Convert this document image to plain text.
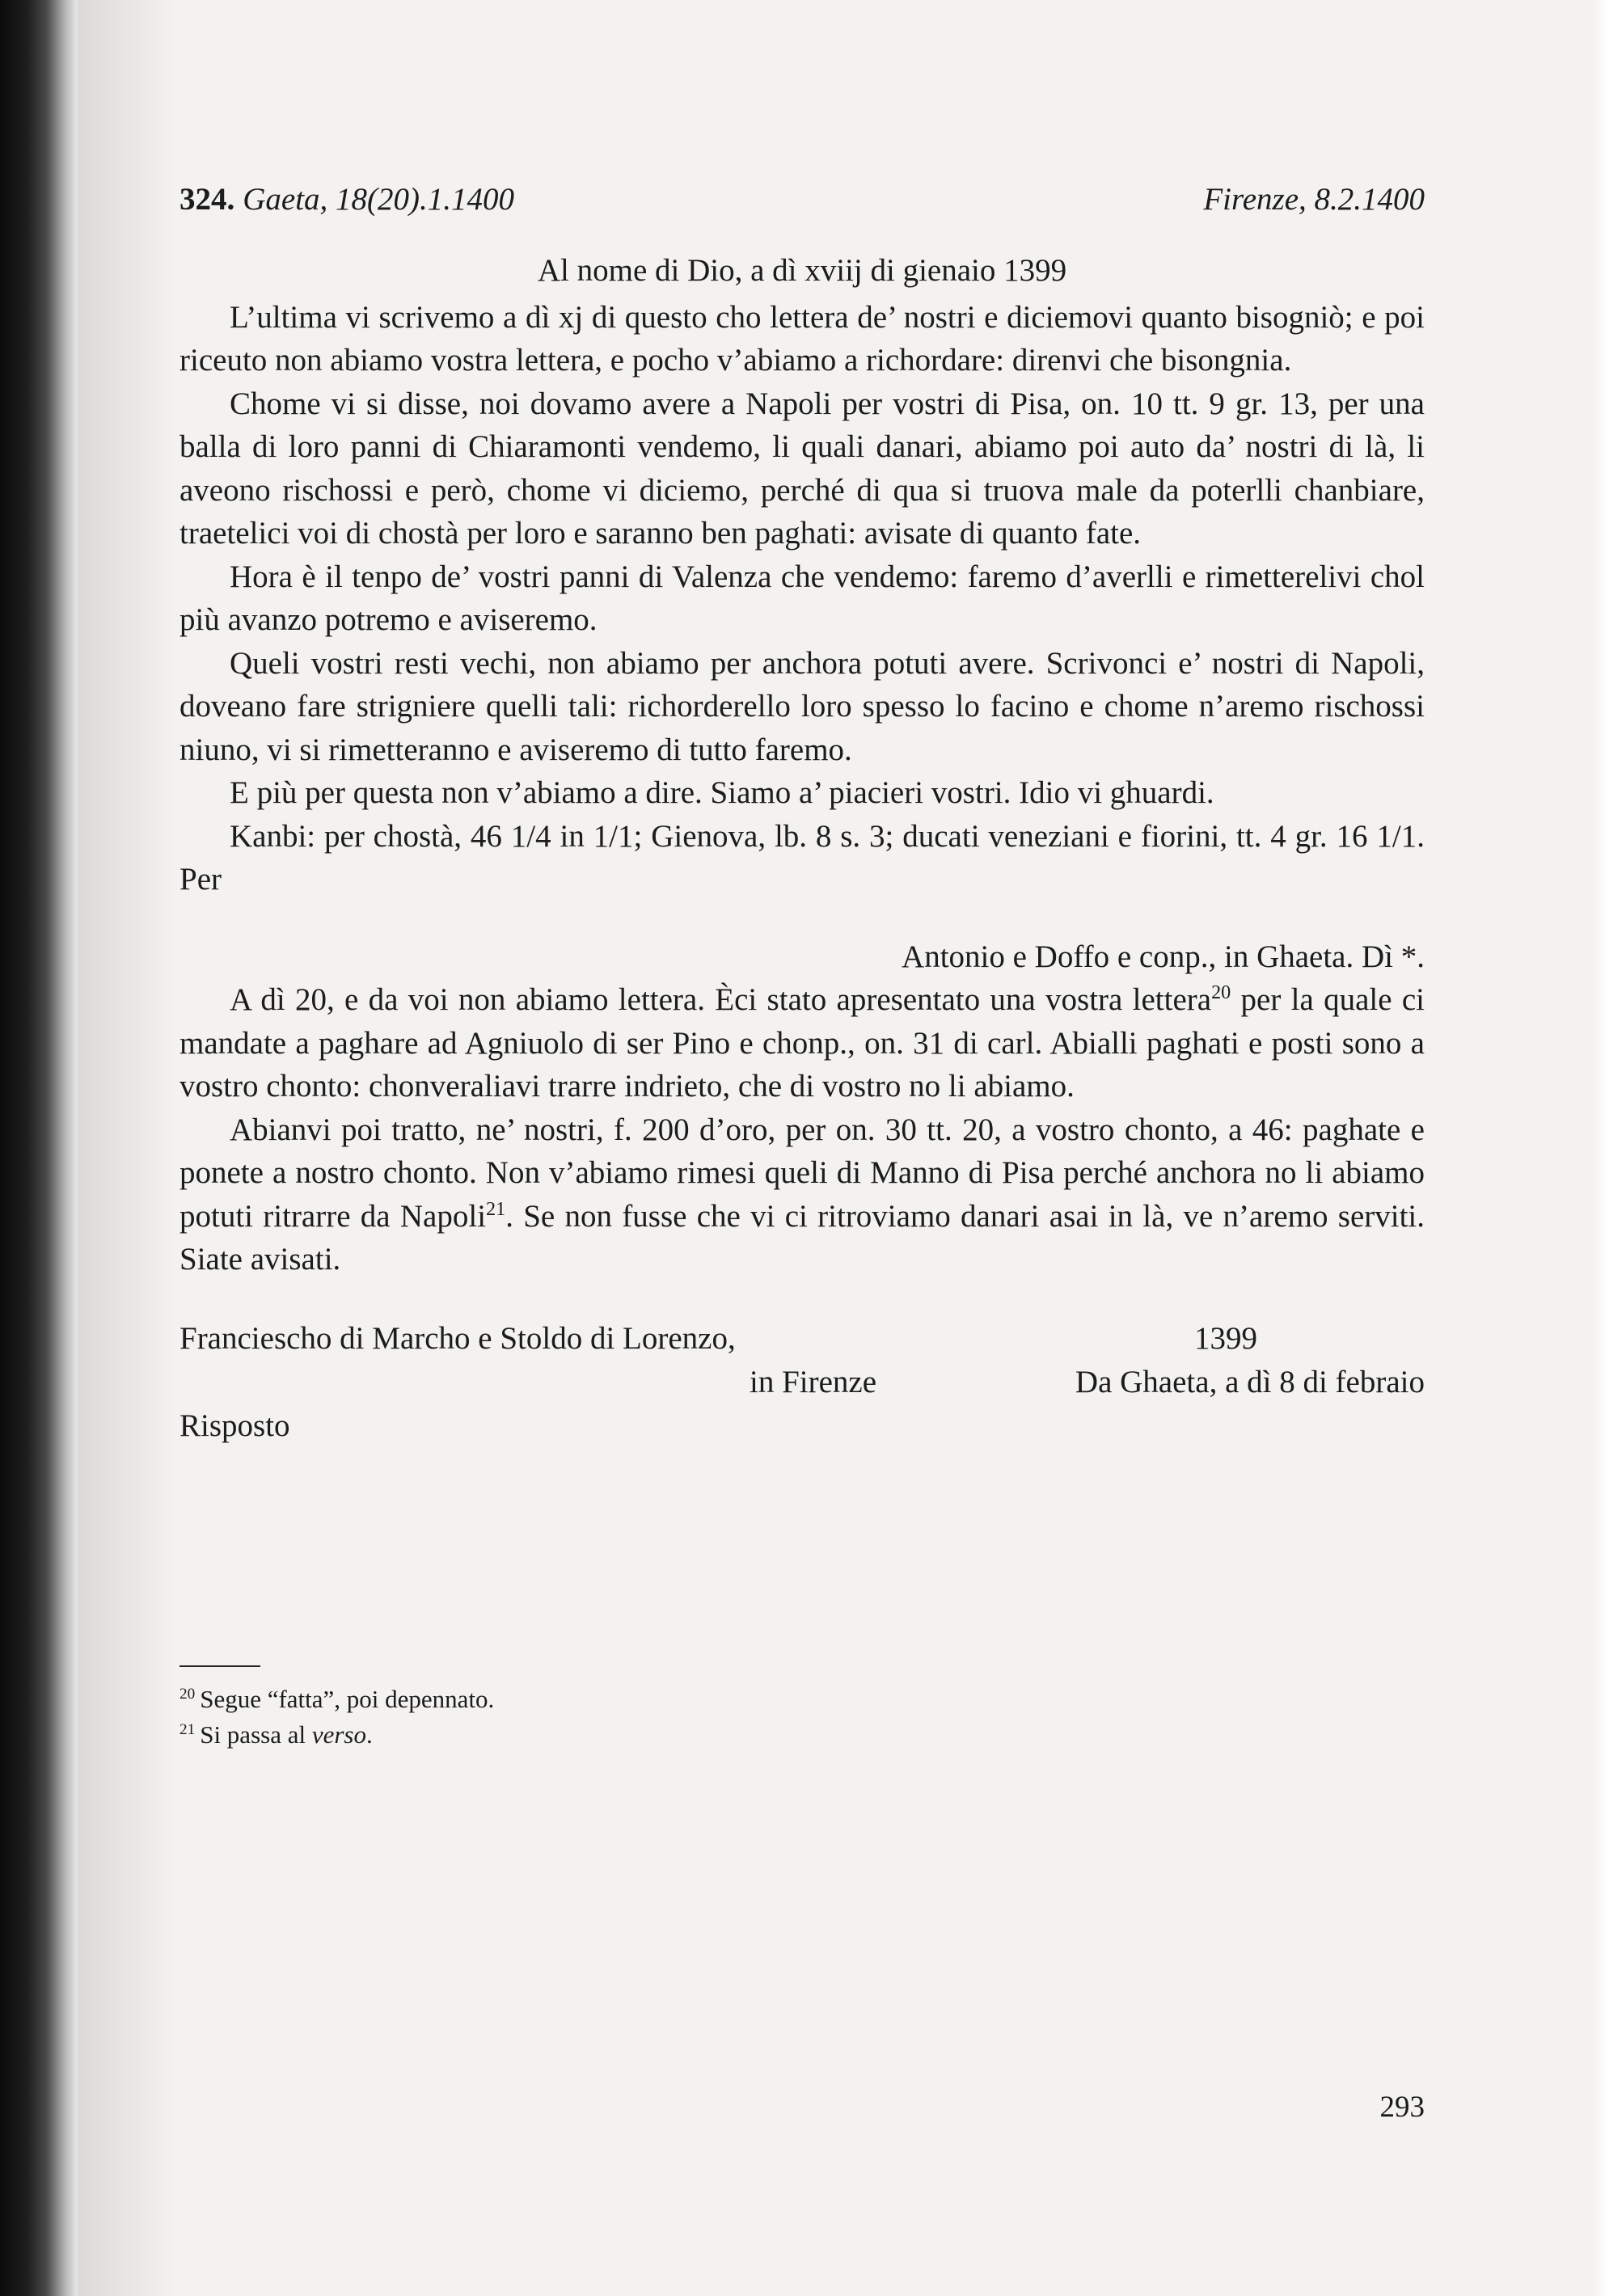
324. Gaeta, 18(20).1.1400	Firenze, 8.2.1400
Al nome di Dio, a dì xviij di gienaio 1399

L’ultima vi scrivemo a dì xj di questo cho lettera de’ nostri e diciemovi quanto bisogniò; e poi riceuto non abiamo vostra lettera, e pocho v’abiamo a richordare: direnvi che bisongnia.

Chome vi si disse, noi dovamo avere a Napoli per vostri di Pisa, on. 10 tt. 9 gr. 13, per una balla di loro panni di Chiaramonti vendemo, li quali danari, abiamo poi auto da’ nostri di là, li aveono rischossi e però, chome vi diciemo, perché di qua si truova male da poterlli chanbiare, traetelici voi di chostà per loro e saranno ben paghati: avisate di quanto fate.

Hora è il tenpo de’ vostri panni di Valenza che vendemo: faremo d’averlli e rimetterelivi chol più avanzo potremo e aviseremo.

Queli vostri resti vechi, non abiamo per anchora potuti avere. Scrivonci e’ nostri di Napoli, doveano fare strigniere quelli tali: richorderello loro spesso lo facino e chome n’aremo rischossi niuno, vi si rimetteranno e aviseremo di tutto faremo.

E più per questa non v’abiamo a dire. Siamo a’ piacieri vostri. Idio vi ghuardi.

Kanbi: per chostà, 46 1/4 in 1/1; Gienova, lb. 8 s. 3; ducati veneziani e fiorini, tt. 4 gr. 16 1/1. Per

Antonio e Doffo e conp., in Ghaeta. Dì *.

A dì 20, e da voi non abiamo lettera. Èci stato apresentato una vostra lettera$^{20}$ per la quale ci mandate a paghare ad Agniuolo di ser Pino e chonp., on. 31 di carl. Abialli paghati e posti sono a vostro chonto: chonveraliavi trarre indrieto, che di vostro no li abiamo.

Abianvi poi tratto, ne’ nostri, f. 200 d’oro, per on. 30 tt. 20, a vostro chonto, a 46: paghate e ponete a nostro chonto. Non v’abiamo rimesi queli di Manno di Pisa perché anchora no li abiamo potuti ritrarre da Napoli$^{21}$. Se non fusse che vi ci ritroviamo danari asai in là, ve n’aremo serviti. Siate avisati.

Franciescho di Marcho e Stoldo di Lorenzo,
in Firenze
1399
Da Ghaeta, a dì 8 di febraio
Risposto
$^{20}$ Segue “fatta”, poi depennato.
$^{21}$ Si passa al verso.
293
